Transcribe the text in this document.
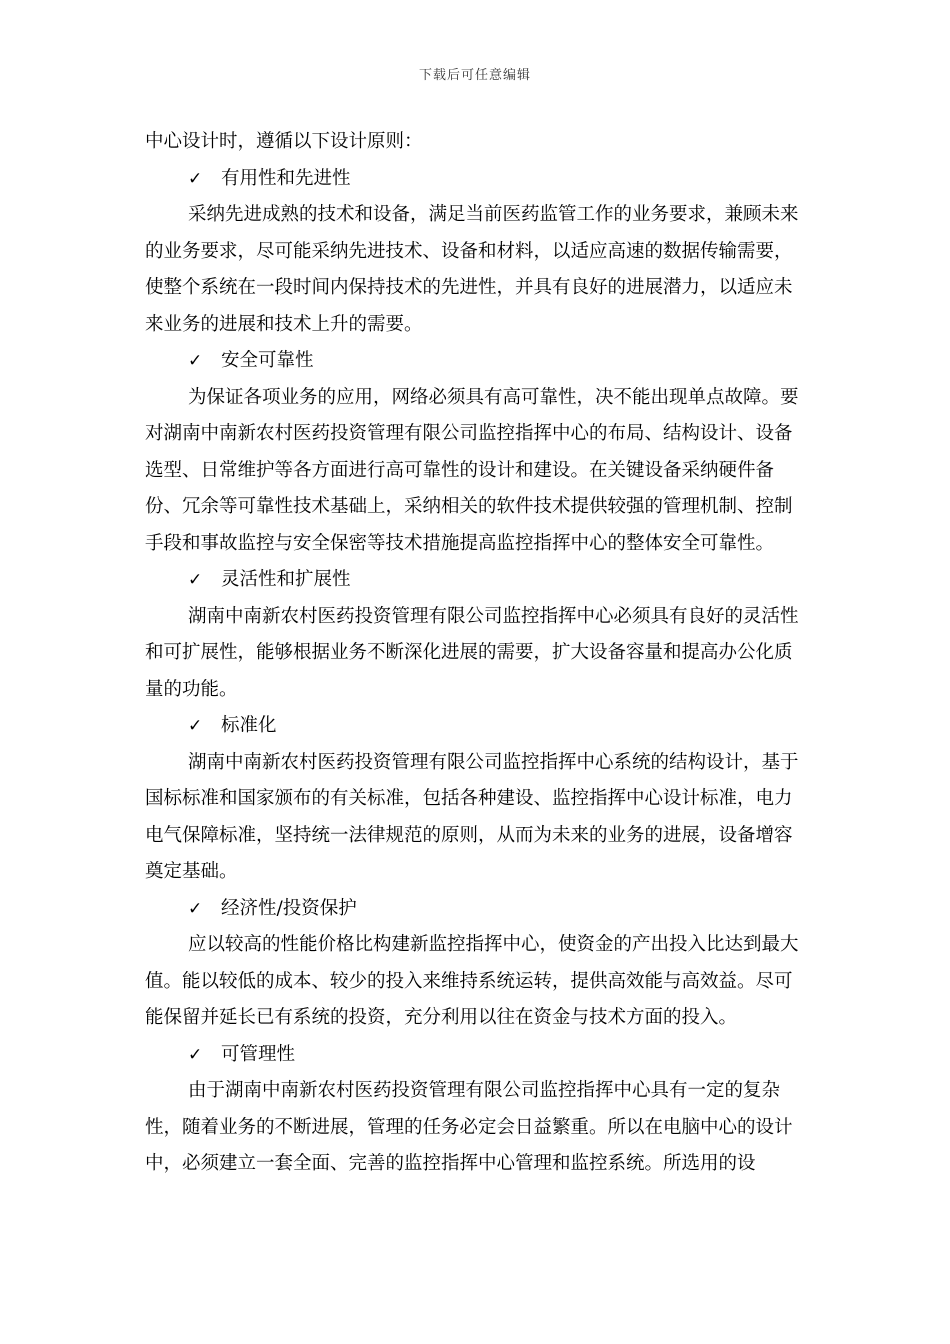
下载后可任意编辑

中心设计时，遵循以下设计原则：

✓	有用性和先进性

采纳先进成熟的技术和设备，满足当前医药监管工作的业务要求，兼顾未来的业务要求，尽可能采纳先进技术、设备和材料，以适应高速的数据传输需要，使整个系统在一段时间内保持技术的先进性，并具有良好的进展潜力，以适应未来业务的进展和技术上升的需要。

✓	安全可靠性

为保证各项业务的应用，网络必须具有高可靠性，决不能出现单点故障。要对湖南中南新农村医药投资管理有限公司监控指挥中心的布局、结构设计、设备选型、日常维护等各方面进行高可靠性的设计和建设。在关键设备采纳硬件备份、冗余等可靠性技术基础上，采纳相关的软件技术提供较强的管理机制、控制手段和事故监控与安全保密等技术措施提高监控指挥中心的整体安全可靠性。

✓	灵活性和扩展性

湖南中南新农村医药投资管理有限公司监控指挥中心必须具有良好的灵活性和可扩展性，能够根据业务不断深化进展的需要，扩大设备容量和提高办公化质量的功能。

✓	标准化

湖南中南新农村医药投资管理有限公司监控指挥中心系统的结构设计，基于国标标准和国家颁布的有关标准，包括各种建设、监控指挥中心设计标准，电力电气保障标准，坚持统一法律规范的原则，从而为未来的业务的进展，设备增容奠定基础。

✓	经济性/投资保护

应以较高的性能价格比构建新监控指挥中心，使资金的产出投入比达到最大值。能以较低的成本、较少的投入来维持系统运转，提供高效能与高效益。尽可能保留并延长已有系统的投资，充分利用以往在资金与技术方面的投入。

✓	可管理性

由于湖南中南新农村医药投资管理有限公司监控指挥中心具有一定的复杂性，随着业务的不断进展，管理的任务必定会日益繁重。所以在电脑中心的设计中，必须建立一套全面、完善的监控指挥中心管理和监控系统。所选用的设
